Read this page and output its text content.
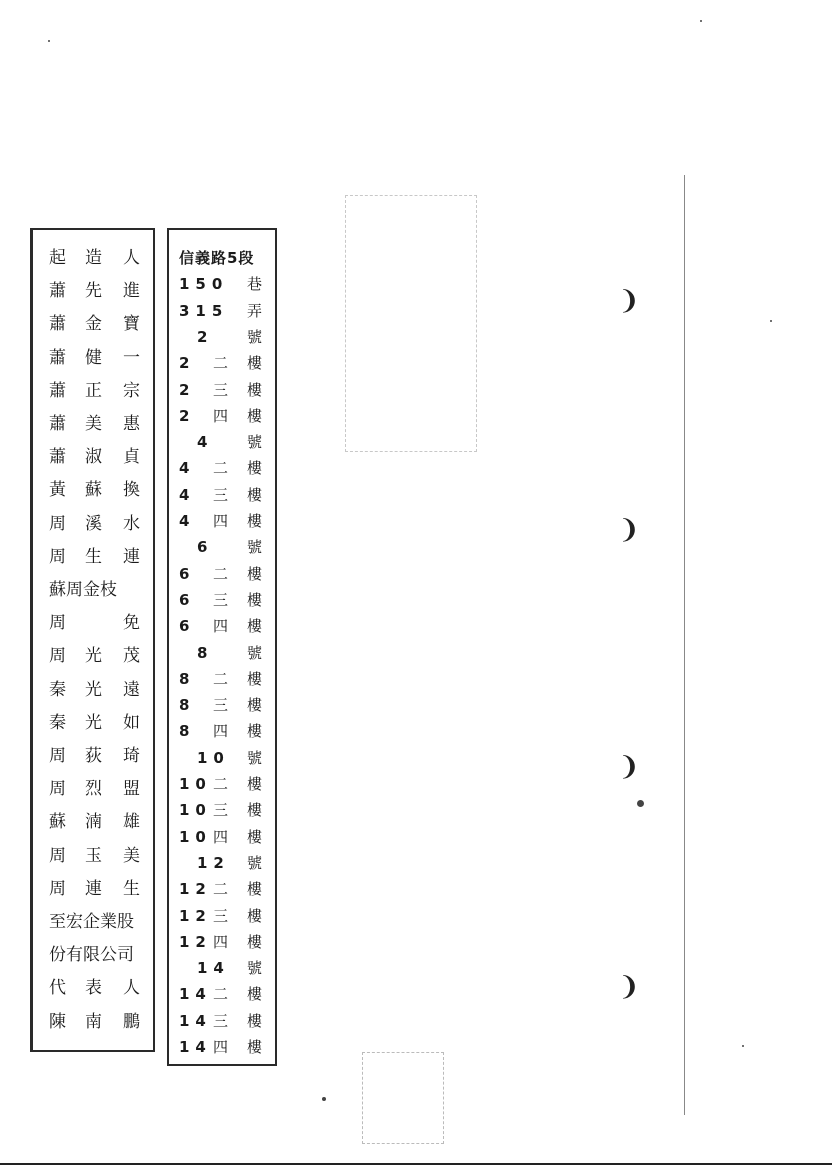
起 造 人
蕭 先 進
蕭 金 寶
蕭 健 一
蕭 正 宗
蕭 美 惠
蕭 淑 貞
黃 蘇 換
周 溪 水
周 生 連
蘇周金枝
周	免
周 光 茂
秦 光 遠
秦 光 如
周 荻 琦
周 烈 盟
蘇 湳 雄
周 玉 美
周 連 生
至宏企業股
份有限公司
代 表 人
陳 南 鵬
信義路5段
150 巷
315 弄
2 號
2 二 樓
2 三 樓
2 四 樓
4 號
4 二 樓
4 三 樓
4 四 樓
6 號
6 二 樓
6 三 樓
6 四 樓
8 號
8 二 樓
8 三 樓
8 四 樓
10 號
10 二 樓
10 三 樓
10 四 樓
12 號
12 二 樓
12 三 樓
12 四 樓
14 號
14 二 樓
14 三 樓
14 四 樓
❩
❩
❩
❩
